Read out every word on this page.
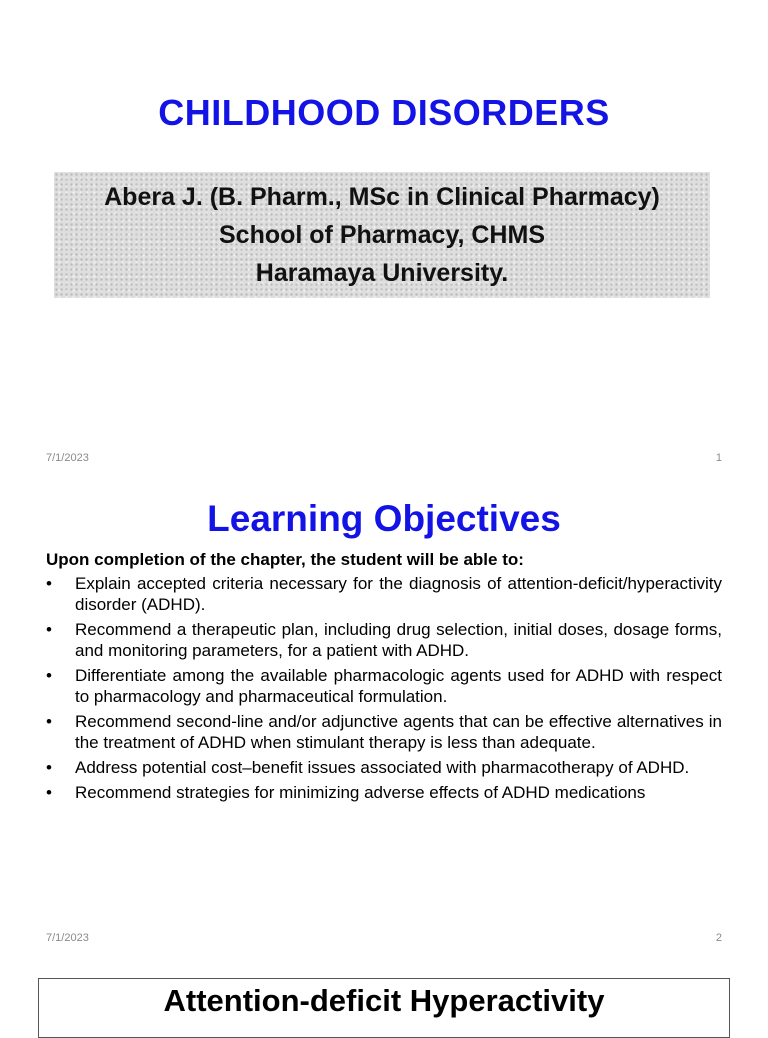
CHILDHOOD DISORDERS
Abera J. (B. Pharm., MSc in Clinical Pharmacy)
School of Pharmacy, CHMS
Haramaya University.
7/1/2023	1
Learning Objectives
Upon completion of the chapter, the student will be able to:
• Explain accepted criteria necessary for the diagnosis of attention-deficit/hyperactivity disorder (ADHD).
• Recommend a therapeutic plan, including drug selection, initial doses, dosage forms, and monitoring parameters, for a patient with ADHD.
• Differentiate among the available pharmacologic agents used for ADHD with respect to pharmacology and pharmaceutical formulation.
• Recommend second-line and/or adjunctive agents that can be effective alternatives in the treatment of ADHD when stimulant therapy is less than adequate.
• Address potential cost–benefit issues associated with pharmacotherapy of ADHD.
• Recommend strategies for minimizing adverse effects of ADHD medications
7/1/2023	2
Attention-deficit Hyperactivity
